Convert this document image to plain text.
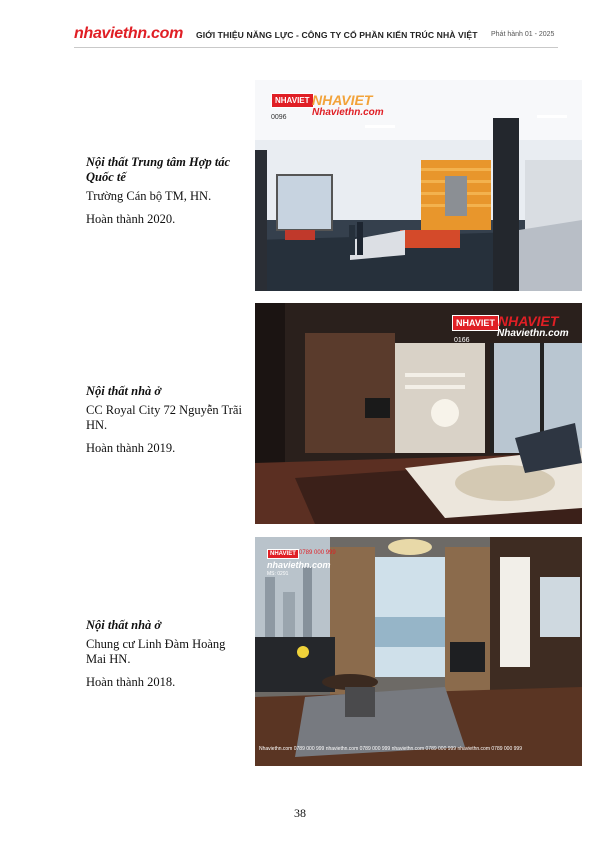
nhaviethn.com GIỚI THIỆU NĂNG LỰC - CÔNG TY CỔ PHẦN KIẾN TRÚC NHÀ VIỆT Phát hành 01 - 2025
Nội thất Trung tâm Hợp tác Quốc tế
Trường Cán bộ TM, HN.
Hoàn thành 2020.
NHAVIET NHAVIET
Nhaviethn.com
0096
Nội thất nhà ở
CC Royal City 72 Nguyễn Trãi HN.
Hoàn thành 2019.
NHAVIET NHAVIET
Nhaviethn.com
0166
Nội thất nhà ở
Chung cư Linh Đàm Hoàng Mai HN.
Hoàn thành 2018.
NHAVIET 0789 000 999
nhaviethn.com
MS: 0291
Nhaviethn.com 0789 000 999 nhaviethn.com 0789 000 999 nhaviethn.com 0789 000 999 nhaviethn.com 0789 000 999
38
